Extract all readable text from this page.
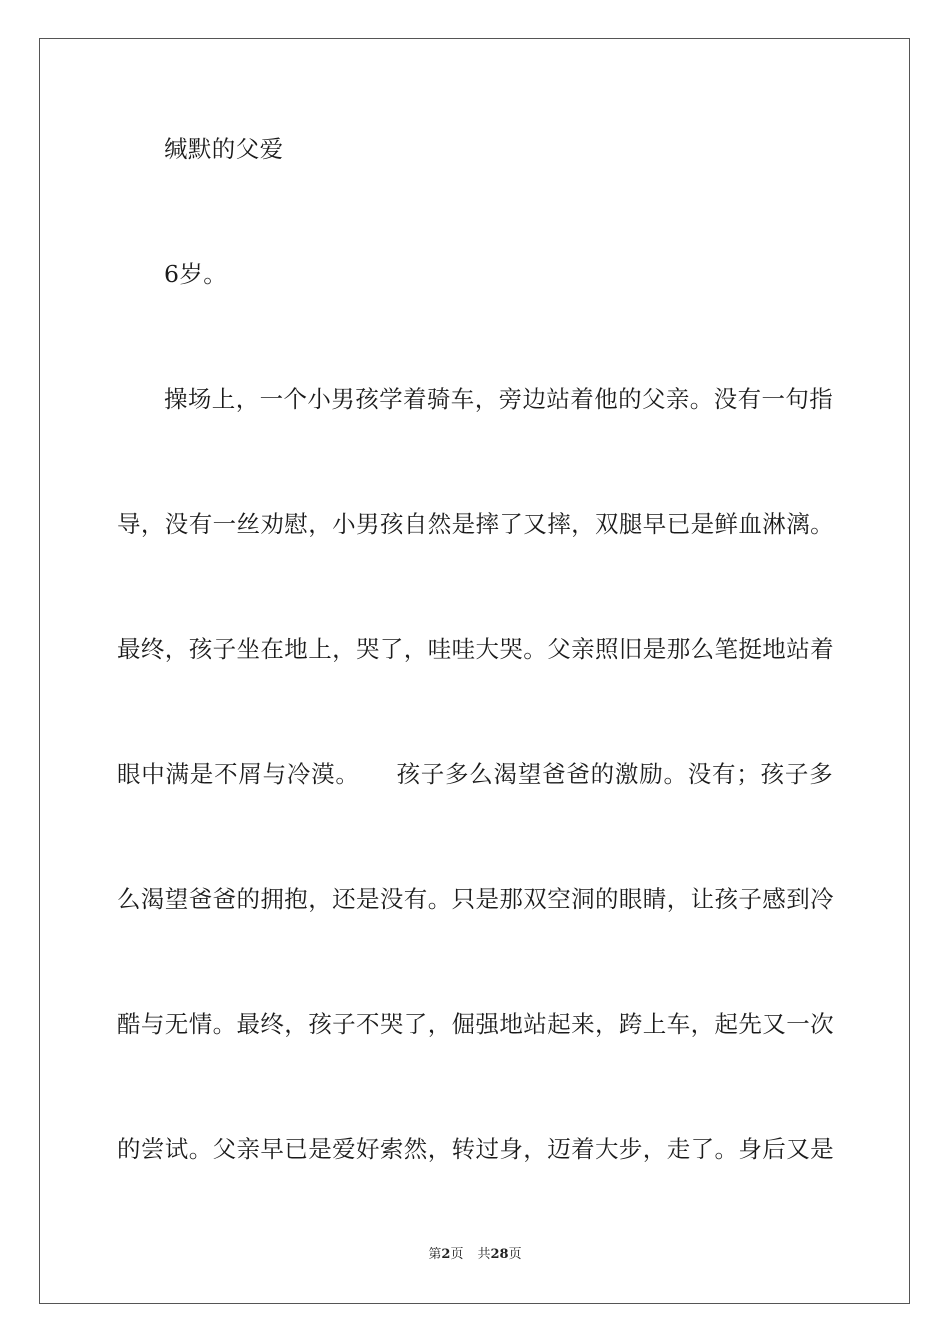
缄默的父爱
6岁。
操场上，一个小男孩学着骑车，旁边站着他的父亲。没有一句指
导，没有一丝劝慰，小男孩自然是摔了又摔，双腿早已是鲜血淋漓。
最终，孩子坐在地上，哭了，哇哇大哭。父亲照旧是那么笔挺地站着
眼中满是不屑与冷漠。　　孩子多么渴望爸爸的激励。没有；孩子多
么渴望爸爸的拥抱，还是没有。只是那双空洞的眼睛，让孩子感到冷
酷与无情。最终，孩子不哭了，倔强地站起来，跨上车，起先又一次
的尝试。父亲早已是爱好索然，转过身，迈着大步，走了。身后又是
第2页 共28页
